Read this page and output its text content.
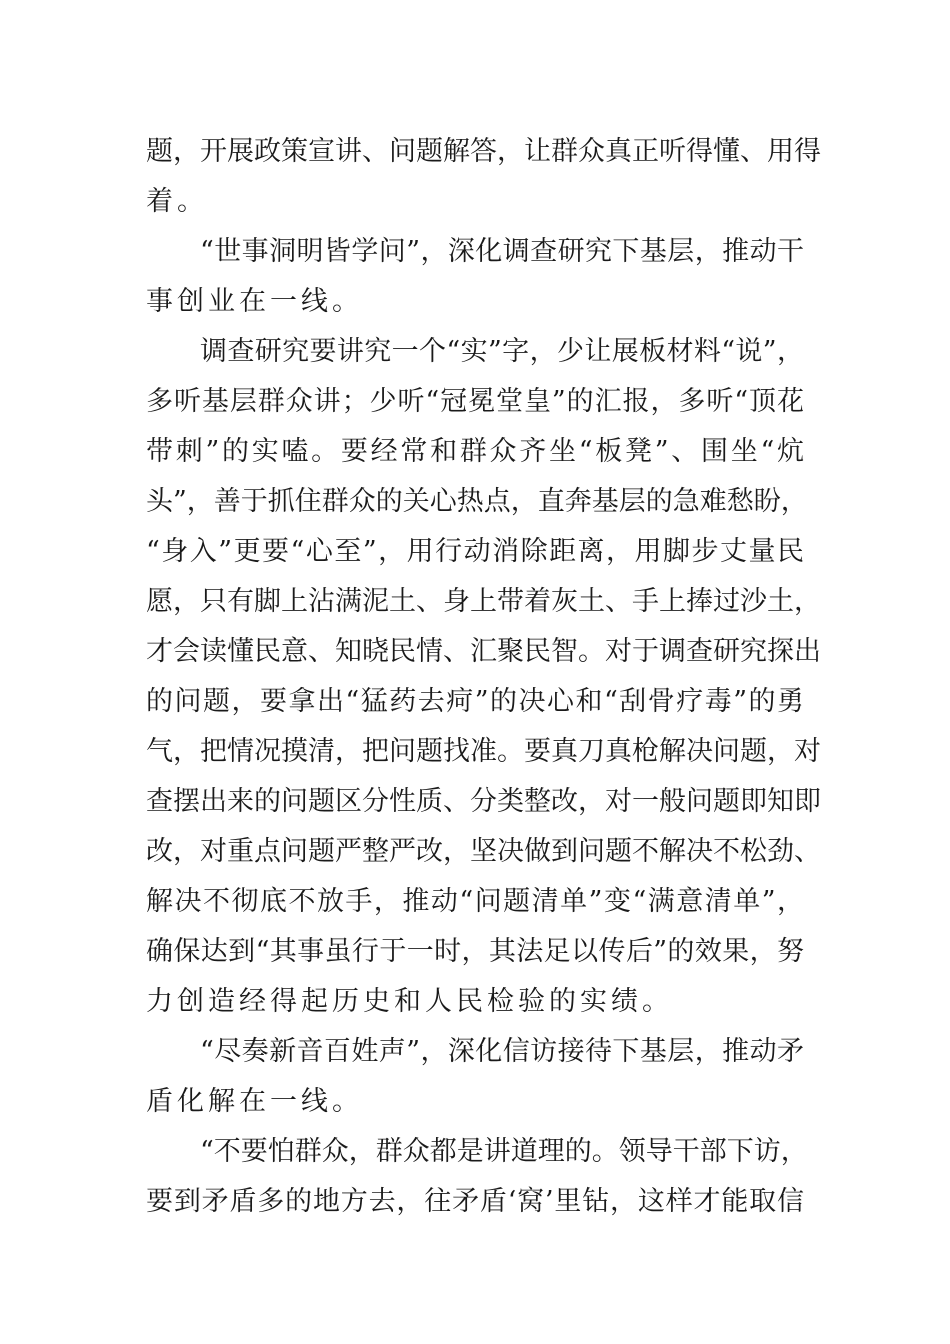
题，开展政策宣讲、问题解答，让群众真正听得懂、用得

着。

“世事洞明皆学问”，深化调查研究下基层，推动干

事创业在一线。

调查研究要讲究一个“实”字，少让展板材料“说”，

多听基层群众讲；少听“冠冕堂皇”的汇报，多听“顶花

带刺”的实嗑。要经常和群众齐坐“板凳”、围坐“炕

头”，善于抓住群众的关心热点，直奔基层的急难愁盼，

“身入”更要“心至”，用行动消除距离，用脚步丈量民

愿，只有脚上沾满泥土、身上带着灰土、手上捧过沙土，

才会读懂民意、知晓民情、汇聚民智。对于调查研究探出

的问题，要拿出“猛药去疴”的决心和“刮骨疗毒”的勇

气，把情况摸清，把问题找准。要真刀真枪解决问题，对

查摆出来的问题区分性质、分类整改，对一般问题即知即

改，对重点问题严整严改，坚决做到问题不解决不松劲、

解决不彻底不放手，推动“问题清单”变“满意清单”，

确保达到“其事虽行于一时，其法足以传后”的效果，努

力创造经得起历史和人民检验的实绩。

“尽奏新音百姓声”，深化信访接待下基层，推动矛

盾化解在一线。

“不要怕群众，群众都是讲道理的。领导干部下访，

要到矛盾多的地方去，往矛盾‘窝’里钻，这样才能取信
